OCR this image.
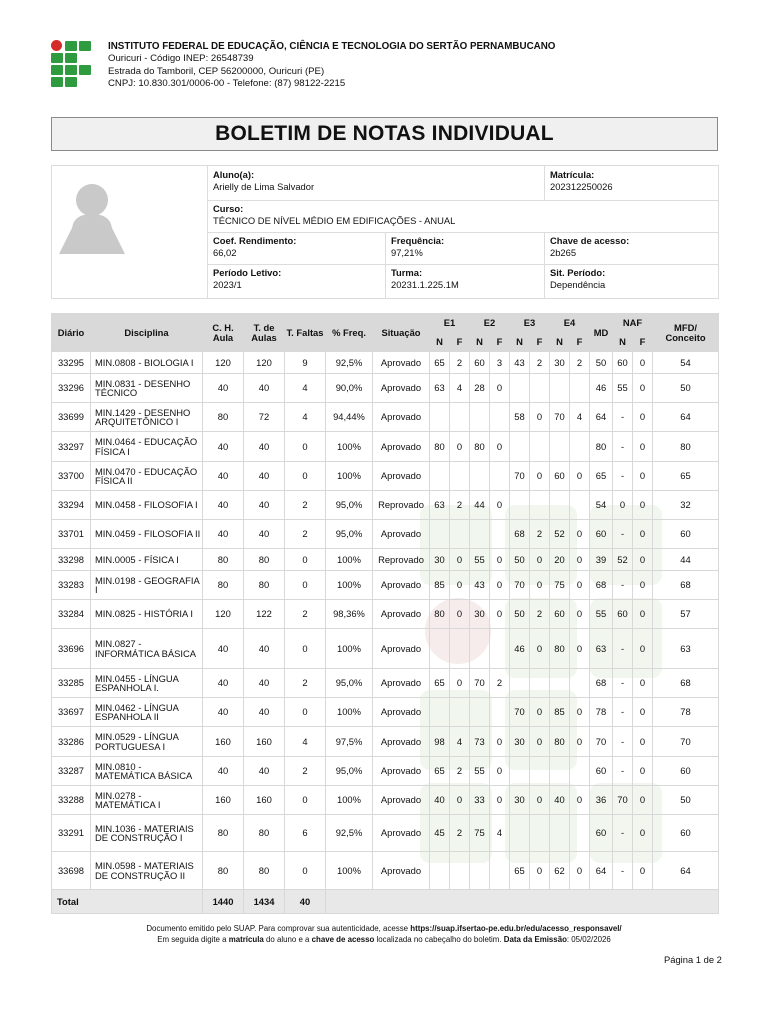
INSTITUTO FEDERAL DE EDUCAÇÃO, CIÊNCIA E TECNOLOGIA DO SERTÃO PERNAMBUCANO
Ouricuri - Código INEP: 26548739
Estrada do Tamboril, CEP 56200000, Ouricuri (PE)
CNPJ: 10.830.301/0006-00 - Telefone: (87) 98122-2215
BOLETIM DE NOTAS INDIVIDUAL
Aluno(a):
Arielly de Lima Salvador
Matrícula:
202312250026
Curso:
TÉCNICO DE NÍVEL MÉDIO EM EDIFICAÇÕES - ANUAL
Coef. Rendimento:
66,02
Frequência:
97,21%
Chave de acesso:
2b265
Período Letivo:
2023/1
Turma:
20231.1.225.1M
Sit. Período:
Dependência
Diário	Disciplina	C. H. Aula	T. de Aulas	T. Faltas	% Freq.	Situação	E1		E2		E3		E4		MD	NAF		MFD/ Conceito
							N	F	N	F	N	F	N	F		N	F	
33295	MIN.0808 - BIOLOGIA I	120	120	9	92,5%	Aprovado	65	2	60	3	43	2	30	2	50	60	0	54
33296	MIN.0831 - DESENHO TÉCNICO	40	40	4	90,0%	Aprovado	63	4	28	0					46	55	0	50
33699	MIN.1429 - DESENHO ARQUITETÔNICO I	80	72	4	94,44%	Aprovado					58	0	70	4	64	-	0	64
33297	MIN.0464 - EDUCAÇÃO FÍSICA I	40	40	0	100%	Aprovado	80	0	80	0					80	-	0	80
33700	MIN.0470 - EDUCAÇÃO FÍSICA II	40	40	0	100%	Aprovado					70	0	60	0	65	-	0	65
33294	MIN.0458 - FILOSOFIA I	40	40	2	95,0%	Reprovado	63	2	44	0					54	0	0	32
33701	MIN.0459 - FILOSOFIA II	40	40	2	95,0%	Aprovado					68	2	52	0	60	-	0	60
33298	MIN.0005 - FÍSICA I	80	80	0	100%	Reprovado	30	0	55	0	50	0	20	0	39	52	0	44
33283	MIN.0198 - GEOGRAFIA I	80	80	0	100%	Aprovado	85	0	43	0	70	0	75	0	68	-	0	68
33284	MIN.0825 - HISTÓRIA I	120	122	2	98,36%	Aprovado	80	0	30	0	50	2	60	0	55	60	0	57
33696	MIN.0827 - INFORMÁTICA BÁSICA	40	40	0	100%	Aprovado					46	0	80	0	63	-	0	63
33285	MIN.0455 - LÍNGUA ESPANHOLA I.	40	40	2	95,0%	Aprovado	65	0	70	2					68	-	0	68
33697	MIN.0462 - LÍNGUA ESPANHOLA II	40	40	0	100%	Aprovado					70	0	85	0	78	-	0	78
33286	MIN.0529 - LÍNGUA PORTUGUESA I	160	160	4	97,5%	Aprovado	98	4	73	0	30	0	80	0	70	-	0	70
33287	MIN.0810 - MATEMÁTICA BÁSICA	40	40	2	95,0%	Aprovado	65	2	55	0					60	-	0	60
33288	MIN.0278 - MATEMÁTICA I	160	160	0	100%	Aprovado	40	0	33	0	30	0	40	0	36	70	0	50
33291	MIN.1036 - MATERIAIS DE CONSTRUÇÃO I	80	80	6	92,5%	Aprovado	45	2	75	4					60	-	0	60
33698	MIN.0598 - MATERIAIS DE CONSTRUÇÃO II	80	80	0	100%	Aprovado					65	0	62	0	64	-	0	64
Total		1440	1434	40														
Documento emitido pelo SUAP. Para comprovar sua autenticidade, acesse https://suap.ifsertao-pe.edu.br/edu/acesso_responsavel/
Em seguida digite a matrícula do aluno e a chave de acesso localizada no cabeçalho do boletim. Data da Emissão: 05/02/2026
Página 1 de 2
